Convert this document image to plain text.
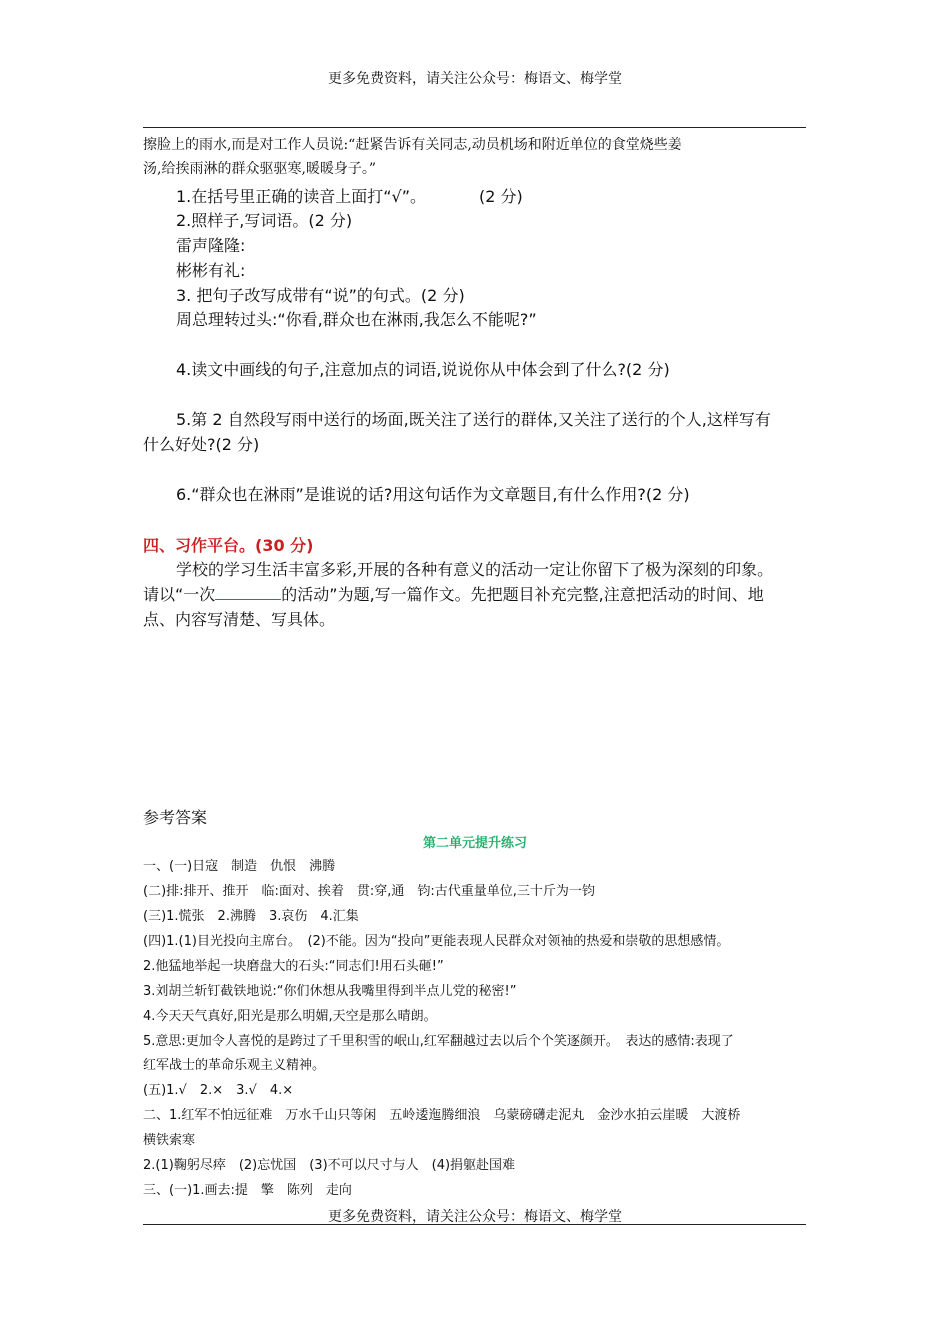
更多免费资料，请关注公众号：梅语文、梅学堂
擦脸上的雨水,而是对工作人员说:“赶紧告诉有关同志,动员机场和附近单位的食堂烧些姜
汤,给挨雨淋的群众驱驱寒,暖暖身子。”
1.在括号里正确的读音上面打“√”。	(2 分)
2.照样子,写词语。(2 分)
雷声隆隆:
彬彬有礼:
3. 把句子改写成带有“说”的句式。(2 分)
周总理转过头:“你看,群众也在淋雨,我怎么不能呢?”
4.读文中画线的句子,注意加点的词语,说说你从中体会到了什么?(2 分)
5.第 2 自然段写雨中送行的场面,既关注了送行的群体,又关注了送行的个人,这样写有
什么好处?(2 分)
6.“群众也在淋雨”是谁说的话?用这句话作为文章题目,有什么作用?(2 分)
四、习作平台。(30 分)
学校的学习生活丰富多彩,开展的各种有意义的活动一定让你留下了极为深刻的印象。
请以“一次	的活动”为题,写一篇作文。先把题目补充完整,注意把活动的时间、地
点、内容写清楚、写具体。
参考答案
第二单元提升练习
一、(一)日寇　制造　仇恨　沸腾
(二)排:排开、推开　临:面对、挨着　贯:穿,通　钧:古代重量单位,三十斤为一钧
(三)1.慌张　2.沸腾　3.哀伤　4.汇集
(四)1.(1)目光投向主席台。　(2)不能。因为“投向”更能表现人民群众对领袖的热爱和崇敬的思想感情。
2.他猛地举起一块磨盘大的石头:“同志们!用石头砸!”
3.刘胡兰斩钉截铁地说:“你们休想从我嘴里得到半点儿党的秘密!”
4.今天天气真好,阳光是那么明媚,天空是那么晴朗。
5.意思:更加令人喜悦的是跨过了千里积雪的岷山,红军翻越过去以后个个笑逐颜开。　表达的感情:表现了
红军战士的革命乐观主义精神。
(五)1.√　2.×　3.√　4.×
二、1.红军不怕远征难　万水千山只等闲　五岭逶迤腾细浪　乌蒙磅礴走泥丸　金沙水拍云崖暖　大渡桥
横铁索寒
2.(1)鞠躬尽瘁　(2)忘忧国　(3)不可以尺寸与人　(4)捐躯赴国难
三、(一)1.画去:提　擎　陈列　走向
更多免费资料，请关注公众号：梅语文、梅学堂
